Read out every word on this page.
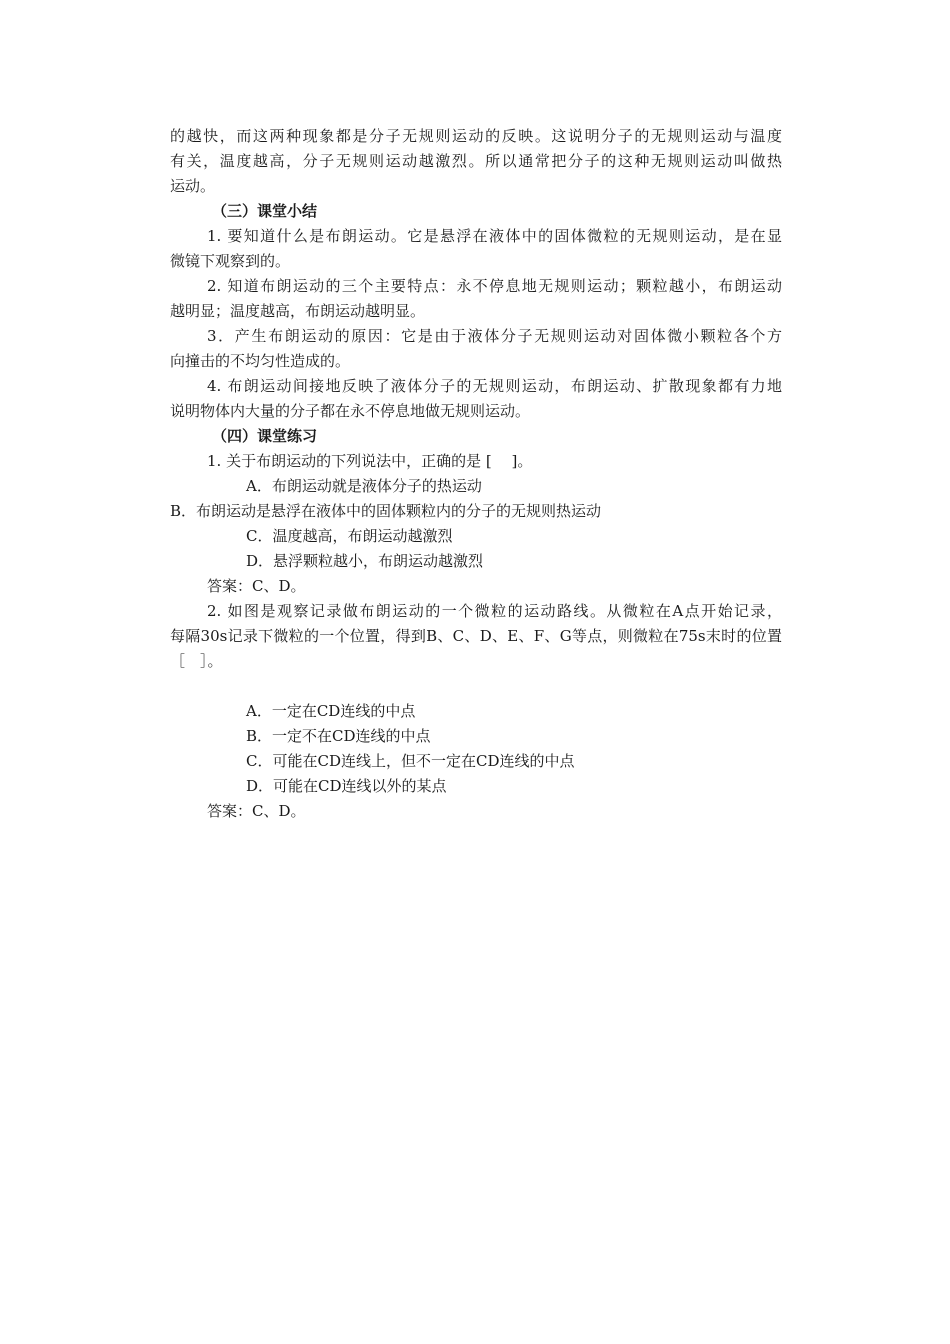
的越快，而这两种现象都是分子无规则运动的反映。这说明分子的无规则运动与温度
有关，温度越高，分子无规则运动越激烈。所以通常把分子的这种无规则运动叫做热
运动。
（三）课堂小结
1. 要知道什么是布朗运动。它是悬浮在液体中的固体微粒的无规则运动，是在显
微镜下观察到的。
2. 知道布朗运动的三个主要特点：永不停息地无规则运动；颗粒越小，布朗运动
越明显；温度越高，布朗运动越明显。
3．产生布朗运动的原因：它是由于液体分子无规则运动对固体微小颗粒各个方
向撞击的不均匀性造成的。
4. 布朗运动间接地反映了液体分子的无规则运动，布朗运动、扩散现象都有力地
说明物体内大量的分子都在永不停息地做无规则运动。
（四）课堂练习
1. 关于布朗运动的下列说法中，正确的是 [　 ]。
A．布朗运动就是液体分子的热运动
B．布朗运动是悬浮在液体中的固体颗粒内的分子的无规则热运动
C．温度越高，布朗运动越激烈
D．悬浮颗粒越小，布朗运动越激烈
答案：C、D。
2. 如图是观察记录做布朗运动的一个微粒的运动路线。从微粒在A点开始记录，
每隔30s记录下微粒的一个位置，得到B、C、D、E、F、G等点，则微粒在75s末时的位置
［　］。
A．一定在CD连线的中点
B．一定不在CD连线的中点
C．可能在CD连线上，但不一定在CD连线的中点
D．可能在CD连线以外的某点
答案：C、D。
